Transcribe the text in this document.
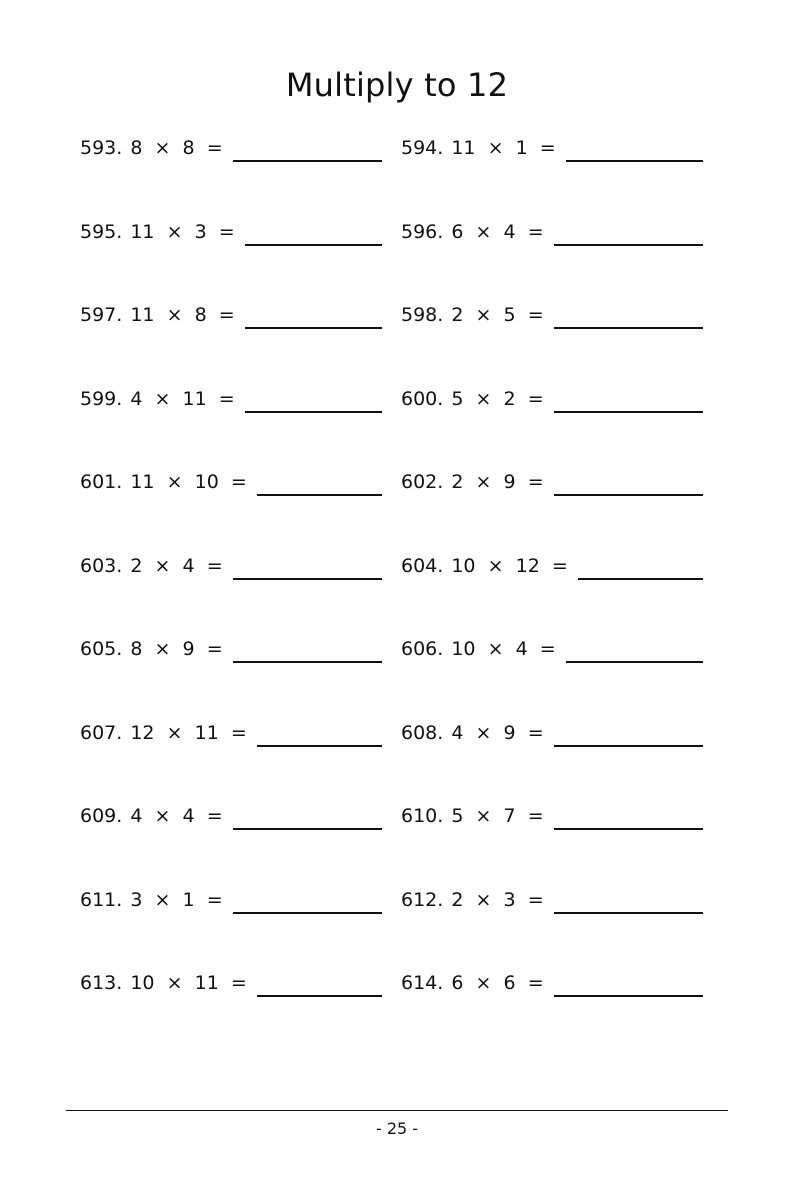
Multiply to 12
593. 8 × 8 =	594. 11 × 1 =
595. 11 × 3 =	596. 6 × 4 =
597. 11 × 8 =	598. 2 × 5 =
599. 4 × 11 =	600. 5 × 2 =
601. 11 × 10 =	602. 2 × 9 =
603. 2 × 4 =	604. 10 × 12 =
605. 8 × 9 =	606. 10 × 4 =
607. 12 × 11 =	608. 4 × 9 =
609. 4 × 4 =	610. 5 × 7 =
611. 3 × 1 =	612. 2 × 3 =
613. 10 × 11 =	614. 6 × 6 =
- 25 -
